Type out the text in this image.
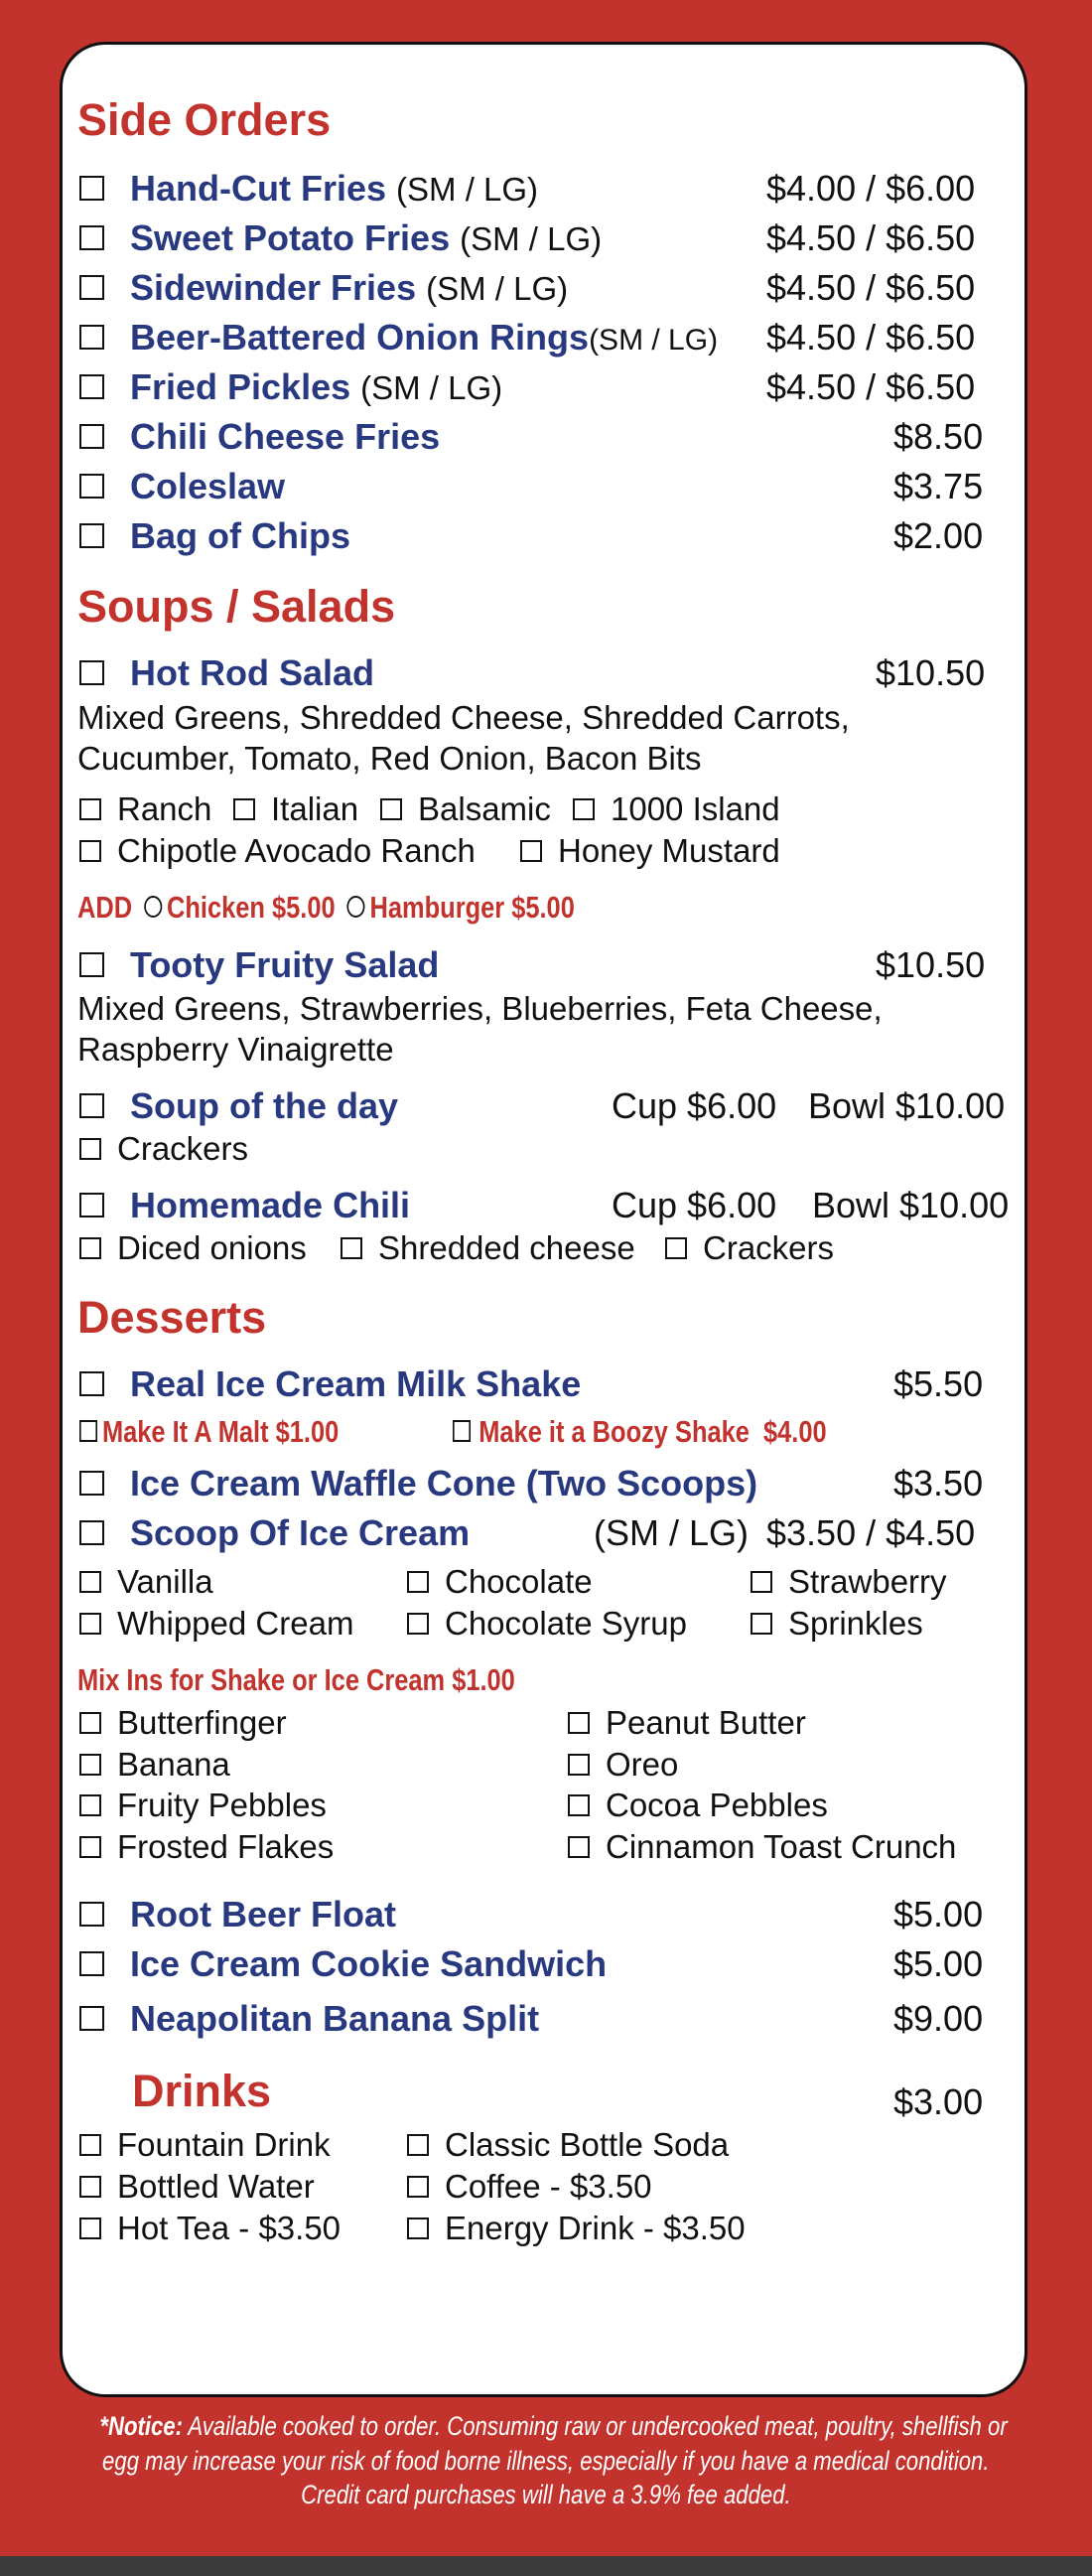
Side Orders
Hand-Cut Fries (SM / LG)	$4.00 / $6.00
Sweet Potato Fries (SM / LG)	$4.50 / $6.50
Sidewinder Fries (SM / LG)	$4.50 / $6.50
Beer-Battered Onion Rings(SM / LG) $4.50 / $6.50
Fried Pickles (SM / LG)	$4.50 / $6.50
Chili Cheese Fries	$8.50
Coleslaw	$3.75
Bag of Chips	$2.00
Soups / Salads
Hot Rod Salad	$10.50
Mixed Greens, Shredded Cheese, Shredded Carrots,
Cucumber, Tomato, Red Onion, Bacon Bits
Ranch	Italian	Balsamic	1000 Island
Chipotle Avocado Ranch	Honey Mustard
ADD Chicken $5.00 Hamburger $5.00
Tooty Fruity Salad	$10.50
Mixed Greens, Strawberries, Blueberries, Feta Cheese,
Raspberry Vinaigrette
Soup of the day	Cup $6.00 Bowl $10.00
Crackers
Homemade Chili	Cup $6.00 Bowl $10.00
Diced onions	Shredded cheese	Crackers
Desserts
Real Ice Cream Milk Shake	$5.50
Make It A Malt $1.00	Make it a Boozy Shake  $4.00
Ice Cream Waffle Cone (Two Scoops)	$3.50
Scoop Of Ice Cream	(SM / LG) $3.50 / $4.50
Vanilla	Chocolate	Strawberry
Whipped Cream	Chocolate Syrup	Sprinkles
Mix Ins for Shake or Ice Cream $1.00
Butterfinger	Peanut Butter
Banana	Oreo
Fruity Pebbles	Cocoa Pebbles
Frosted Flakes	Cinnamon Toast Crunch
Root Beer Float	$5.00
Ice Cream Cookie Sandwich	$5.00
Neapolitan Banana Split	$9.00
Drinks	$3.00
Fountain Drink	Classic Bottle Soda
Bottled Water	Coffee - $3.50
Hot Tea - $3.50	Energy Drink - $3.50
*Notice: Available cooked to order. Consuming raw or undercooked meat, poultry, shellfish or
egg may increase your risk of food borne illness, especially if you have a medical condition.
Credit card purchases will have a 3.9% fee added.
